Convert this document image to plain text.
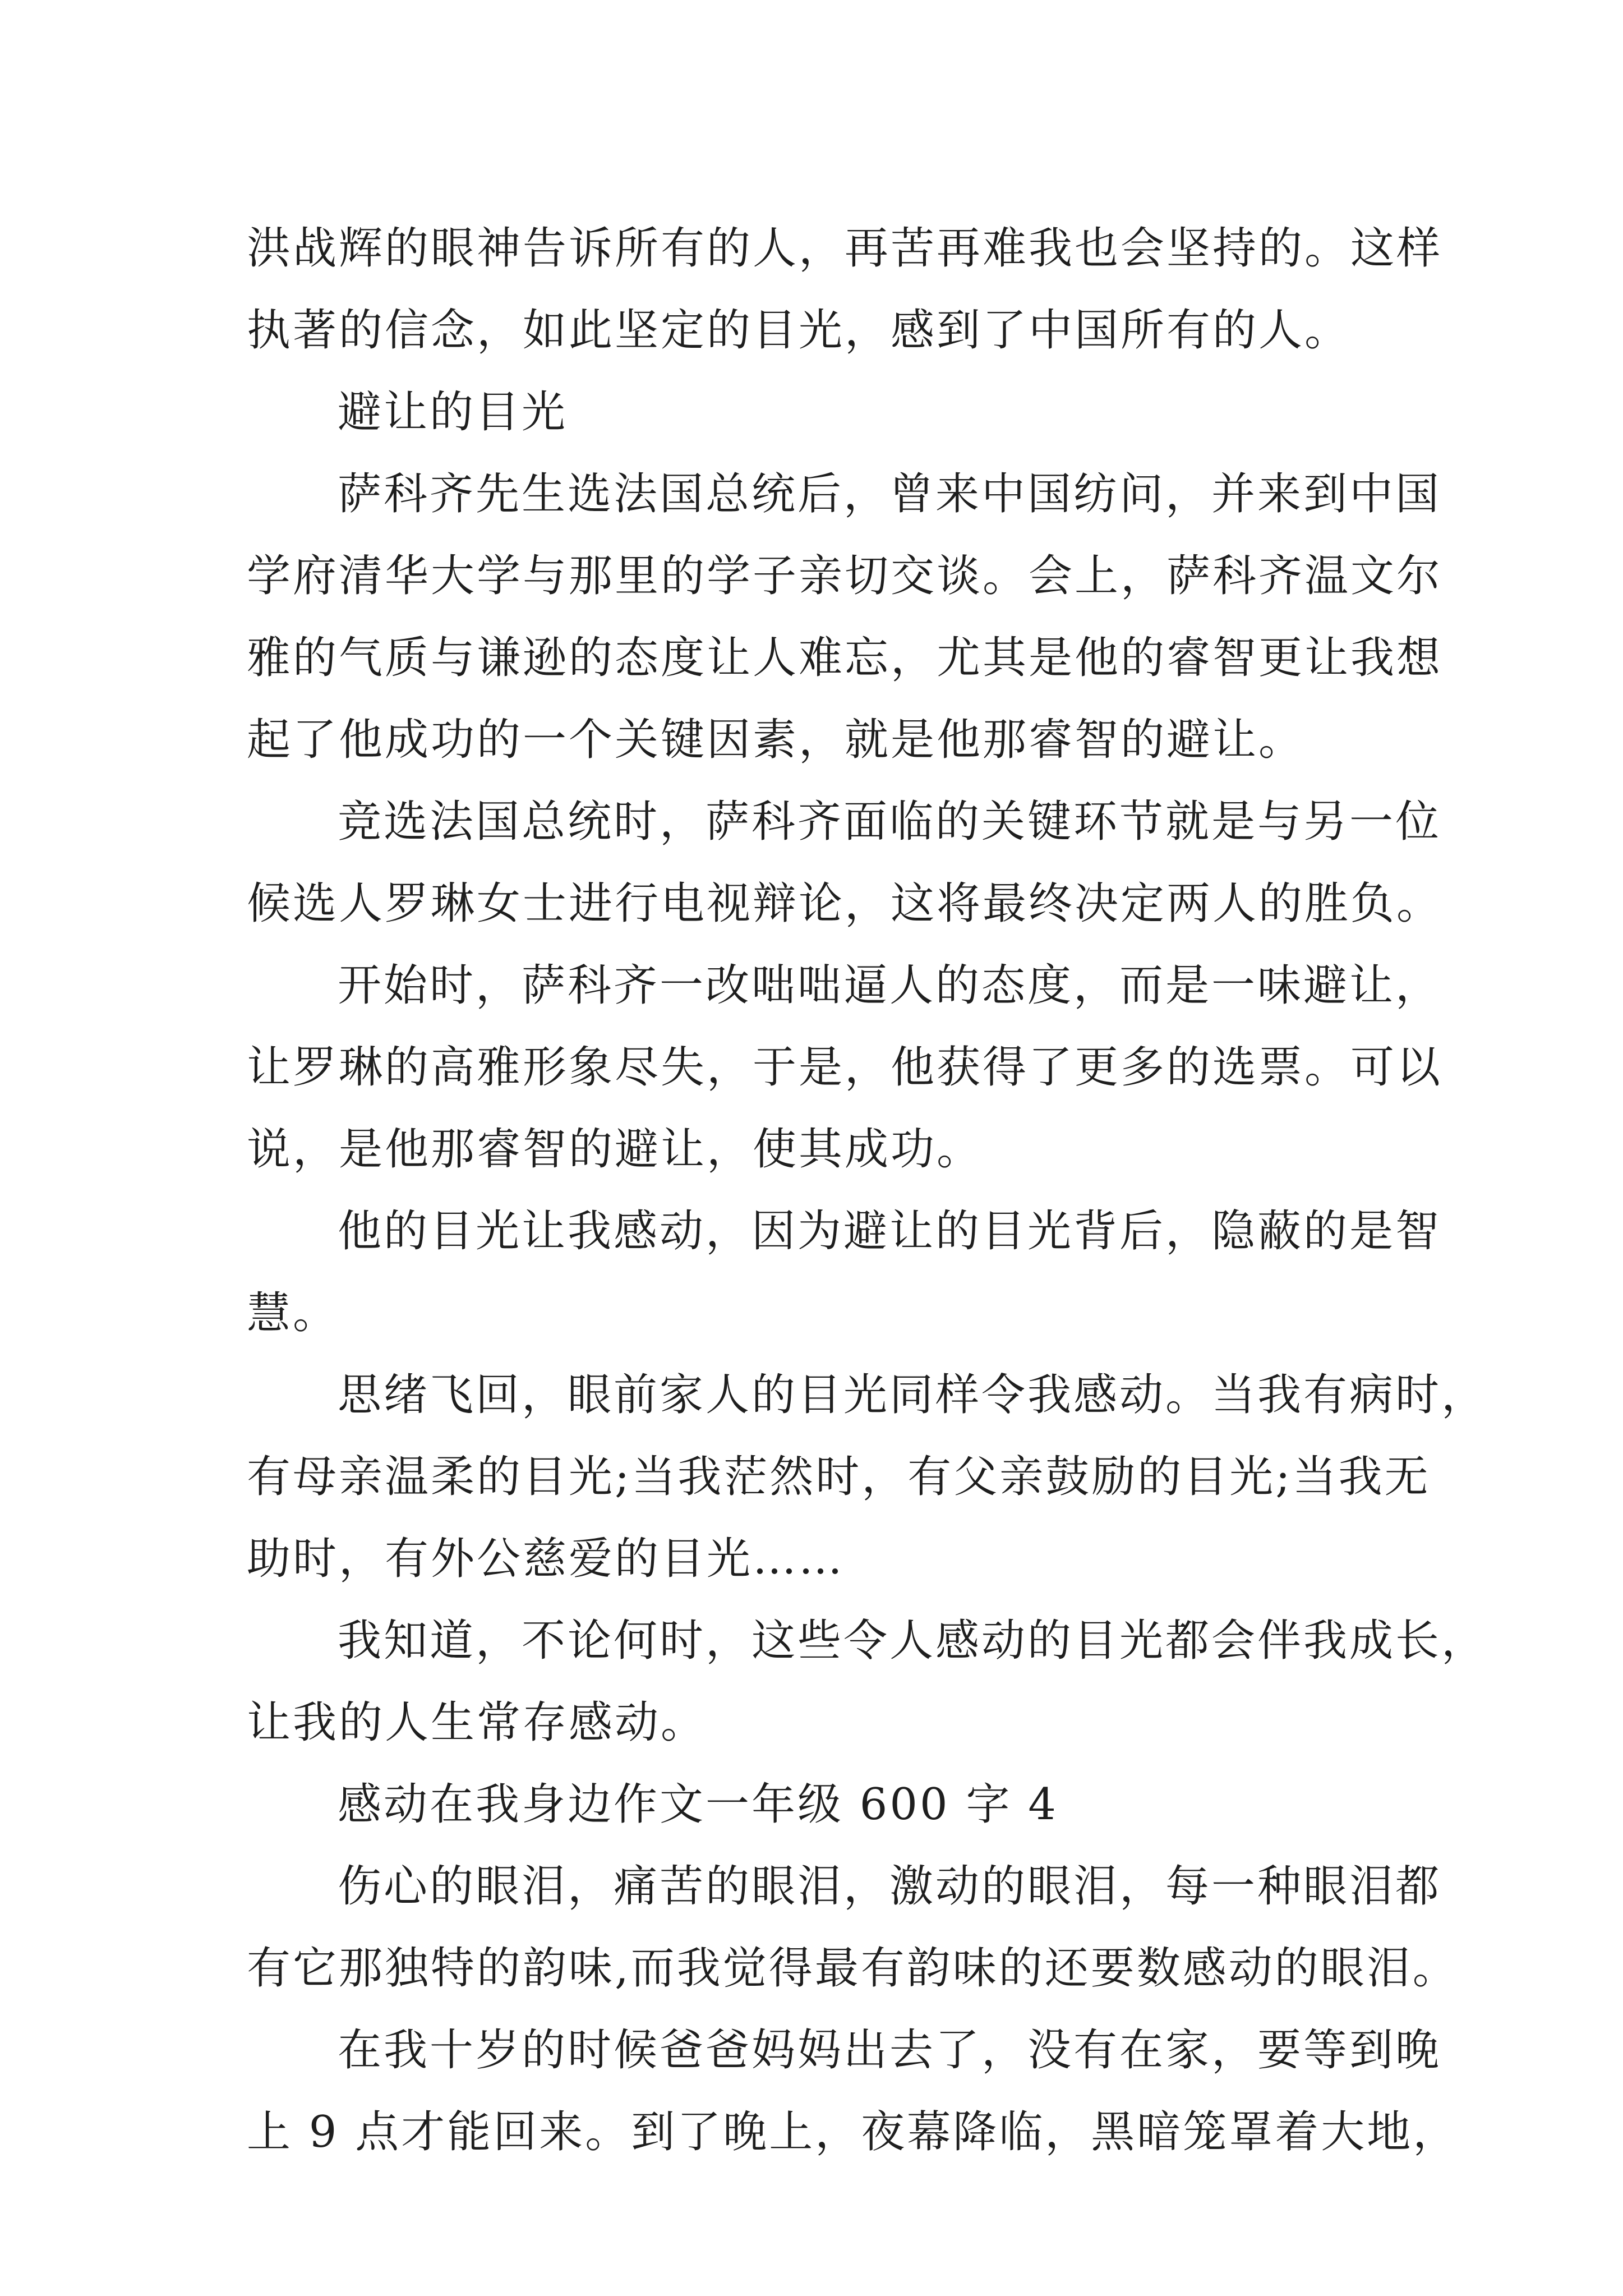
洪战辉的眼神告诉所有的人，再苦再难我也会坚持的。这样
执著的信念，如此坚定的目光，感到了中国所有的人。
避让的目光
萨科齐先生选法国总统后，曾来中国纺问，并来到中国
学府清华大学与那里的学子亲切交谈。会上，萨科齐温文尔
雅的气质与谦逊的态度让人难忘，尤其是他的睿智更让我想
起了他成功的一个关键因素，就是他那睿智的避让。
竞选法国总统时，萨科齐面临的关键环节就是与另一位
候选人罗琳女士进行电视辩论，这将最终决定两人的胜负。
开始时，萨科齐一改咄咄逼人的态度，而是一味避让，
让罗琳的高雅形象尽失，于是，他获得了更多的选票。可以
说，是他那睿智的避让，使其成功。
他的目光让我感动，因为避让的目光背后，隐蔽的是智
慧。
思绪飞回，眼前家人的目光同样令我感动。当我有病时，
有母亲温柔的目光;当我茫然时，有父亲鼓励的目光;当我无
助时，有外公慈爱的目光……
我知道，不论何时，这些令人感动的目光都会伴我成长，
让我的人生常存感动。
感动在我身边作文一年级 600 字 4
伤心的眼泪，痛苦的眼泪，激动的眼泪，每一种眼泪都
有它那独特的韵味,而我觉得最有韵味的还要数感动的眼泪。
在我十岁的时候爸爸妈妈出去了，没有在家，要等到晚
上 9 点才能回来。到了晚上，夜幕降临，黑暗笼罩着大地，
